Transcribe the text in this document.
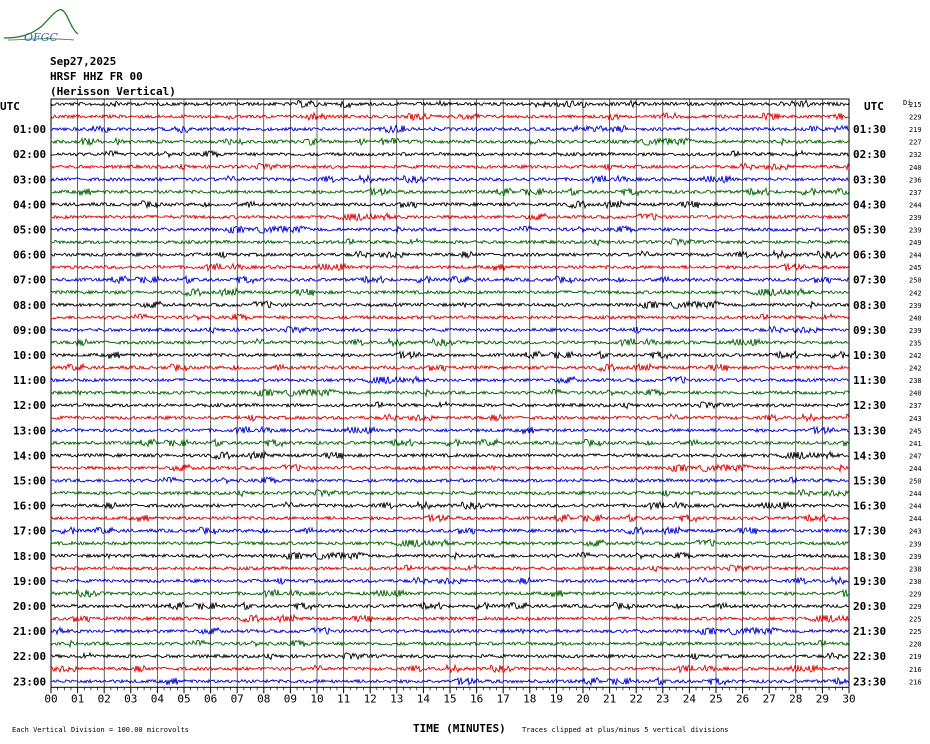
OFGC
Sep27,2025
HRSF HHZ FR 00
(Herisson Vertical)
UTC	UTC	Di
00 01 02 03 04 05 06 07 08 09 10 11 12 13 14 15 16 17 18 19 20 21 22 23 24 25 26 27 28 29 30
215
229
219
227
232
240
236
237
244
239
239
249
244
245
250
242
239
240
239
235
242
242
238
240
237
243
245
241
247
244
250
244
244
244
243
239
239
238
230
229
229
225
225
220
219
216
216
01:00	01:30
02:00	02:30
03:00	03:30
04:00	04:30
05:00	05:30
06:00	06:30
07:00	07:30
08:00	08:30
09:00	09:30
10:00	10:30
11:00	11:30
12:00	12:30
13:00	13:30
14:00	14:30
15:00	15:30
16:00	16:30
17:00	17:30
18:00	18:30
19:00	19:30
20:00	20:30
21:00	21:30
22:00	22:30
23:00	23:30
Each Vertical Division = 100.00 microvolts	TIME (MINUTES) Traces clipped at plus/minus 5 vertical divisions
